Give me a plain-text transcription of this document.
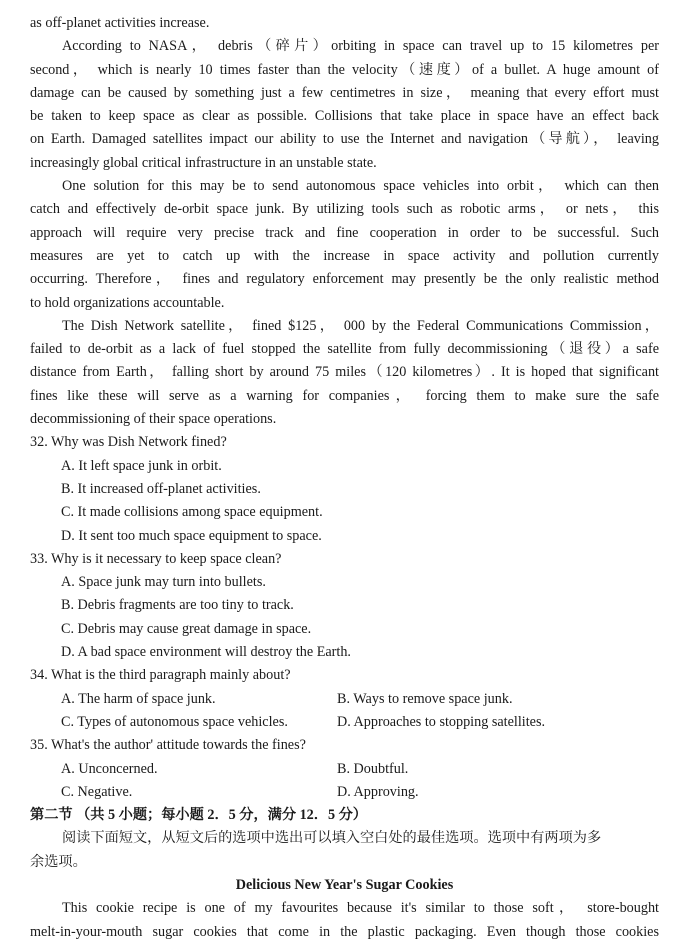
as off-planet activities increase.
According to NASA， debris（碎片）orbiting in space can travel up to 15 kilometres per
second， which is nearly 10 times faster than the velocity（速度）of a bullet. A huge amount of
damage can be caused by something just a few centimetres in size， meaning that every effort must
be taken to keep space as clear as possible. Collisions that take place in space have an effect back
on Earth. Damaged satellites impact our ability to use the Internet and navigation（导航）， leaving
increasingly global critical infrastructure in an unstable state.
One solution for this may be to send autonomous space vehicles into orbit， which can then
catch and effectively de-orbit space junk. By utilizing tools such as robotic arms， or nets， this
approach will require very precise track and fine cooperation in order to be successful. Such
measures are yet to catch up with the increase in space activity and pollution currently
occurring. Therefore， fines and regulatory enforcement may presently be the only realistic method
to hold organizations accountable.
The Dish Network satellite， fined $125， 000 by the Federal Communications Commission，
failed to de-orbit as a lack of fuel stopped the satellite from fully decommissioning（退役）a safe
distance from Earth， falling short by around 75 miles（120 kilometres）. It is hoped that significant
fines like these will serve as a warning for companies， forcing them to make sure the safe
decommissioning of their space operations.
32. Why was Dish Network fined?
A. It left space junk in orbit.
B. It increased off-planet activities.
C. It made collisions among space equipment.
D. It sent too much space equipment to space.
33. Why is it necessary to keep space clean?
A. Space junk may turn into bullets.
B. Debris fragments are too tiny to track.
C. Debris may cause great damage in space.
D. A bad space environment will destroy the Earth.
34. What is the third paragraph mainly about?
A. The harm of space junk.	B. Ways to remove space junk.
C. Types of autonomous space vehicles.	D. Approaches to stopping satellites.
35. What's the author' attitude towards the fines?
A. Unconcerned.	B. Doubtful.
C. Negative.	D. Approving.
第二节 （共 5 小题；每小题 2．5 分，满分 12．5 分）
阅读下面短文，从短文后的选项中选出可以填入空白处的最佳选项。选项中有两项为多
余选项。
Delicious New Year's Sugar Cookies
This cookie recipe is one of my favourites because it's similar to those soft， store-bought
melt-in-your-mouth sugar cookies that come in the plastic packaging. Even though those cookies
